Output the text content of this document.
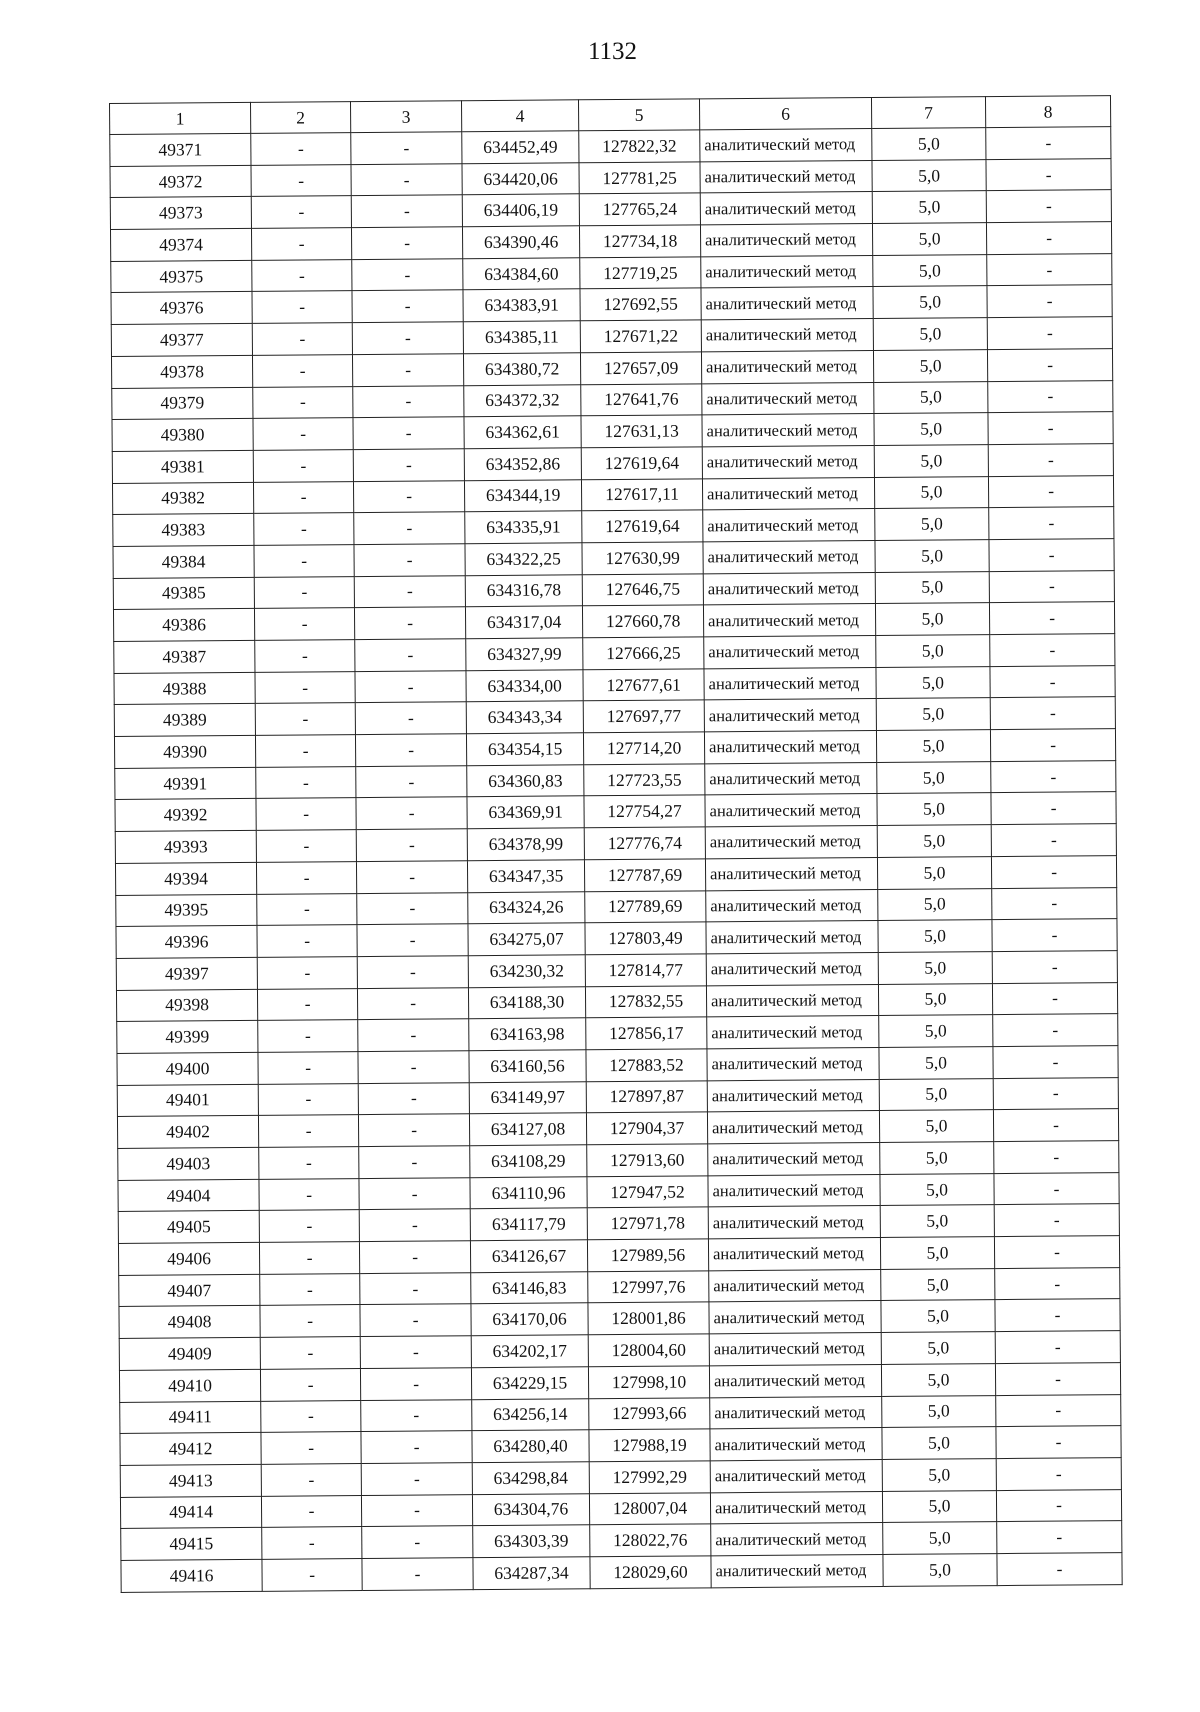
1132
1	2	3	4	5	6	7	8
49371	-	-	634452,49	127822,32	аналитический метод	5,0	-
49372	-	-	634420,06	127781,25	аналитический метод	5,0	-
49373	-	-	634406,19	127765,24	аналитический метод	5,0	-
49374	-	-	634390,46	127734,18	аналитический метод	5,0	-
49375	-	-	634384,60	127719,25	аналитический метод	5,0	-
49376	-	-	634383,91	127692,55	аналитический метод	5,0	-
49377	-	-	634385,11	127671,22	аналитический метод	5,0	-
49378	-	-	634380,72	127657,09	аналитический метод	5,0	-
49379	-	-	634372,32	127641,76	аналитический метод	5,0	-
49380	-	-	634362,61	127631,13	аналитический метод	5,0	-
49381	-	-	634352,86	127619,64	аналитический метод	5,0	-
49382	-	-	634344,19	127617,11	аналитический метод	5,0	-
49383	-	-	634335,91	127619,64	аналитический метод	5,0	-
49384	-	-	634322,25	127630,99	аналитический метод	5,0	-
49385	-	-	634316,78	127646,75	аналитический метод	5,0	-
49386	-	-	634317,04	127660,78	аналитический метод	5,0	-
49387	-	-	634327,99	127666,25	аналитический метод	5,0	-
49388	-	-	634334,00	127677,61	аналитический метод	5,0	-
49389	-	-	634343,34	127697,77	аналитический метод	5,0	-
49390	-	-	634354,15	127714,20	аналитический метод	5,0	-
49391	-	-	634360,83	127723,55	аналитический метод	5,0	-
49392	-	-	634369,91	127754,27	аналитический метод	5,0	-
49393	-	-	634378,99	127776,74	аналитический метод	5,0	-
49394	-	-	634347,35	127787,69	аналитический метод	5,0	-
49395	-	-	634324,26	127789,69	аналитический метод	5,0	-
49396	-	-	634275,07	127803,49	аналитический метод	5,0	-
49397	-	-	634230,32	127814,77	аналитический метод	5,0	-
49398	-	-	634188,30	127832,55	аналитический метод	5,0	-
49399	-	-	634163,98	127856,17	аналитический метод	5,0	-
49400	-	-	634160,56	127883,52	аналитический метод	5,0	-
49401	-	-	634149,97	127897,87	аналитический метод	5,0	-
49402	-	-	634127,08	127904,37	аналитический метод	5,0	-
49403	-	-	634108,29	127913,60	аналитический метод	5,0	-
49404	-	-	634110,96	127947,52	аналитический метод	5,0	-
49405	-	-	634117,79	127971,78	аналитический метод	5,0	-
49406	-	-	634126,67	127989,56	аналитический метод	5,0	-
49407	-	-	634146,83	127997,76	аналитический метод	5,0	-
49408	-	-	634170,06	128001,86	аналитический метод	5,0	-
49409	-	-	634202,17	128004,60	аналитический метод	5,0	-
49410	-	-	634229,15	127998,10	аналитический метод	5,0	-
49411	-	-	634256,14	127993,66	аналитический метод	5,0	-
49412	-	-	634280,40	127988,19	аналитический метод	5,0	-
49413	-	-	634298,84	127992,29	аналитический метод	5,0	-
49414	-	-	634304,76	128007,04	аналитический метод	5,0	-
49415	-	-	634303,39	128022,76	аналитический метод	5,0	-
49416	-	-	634287,34	128029,60	аналитический метод	5,0	-
